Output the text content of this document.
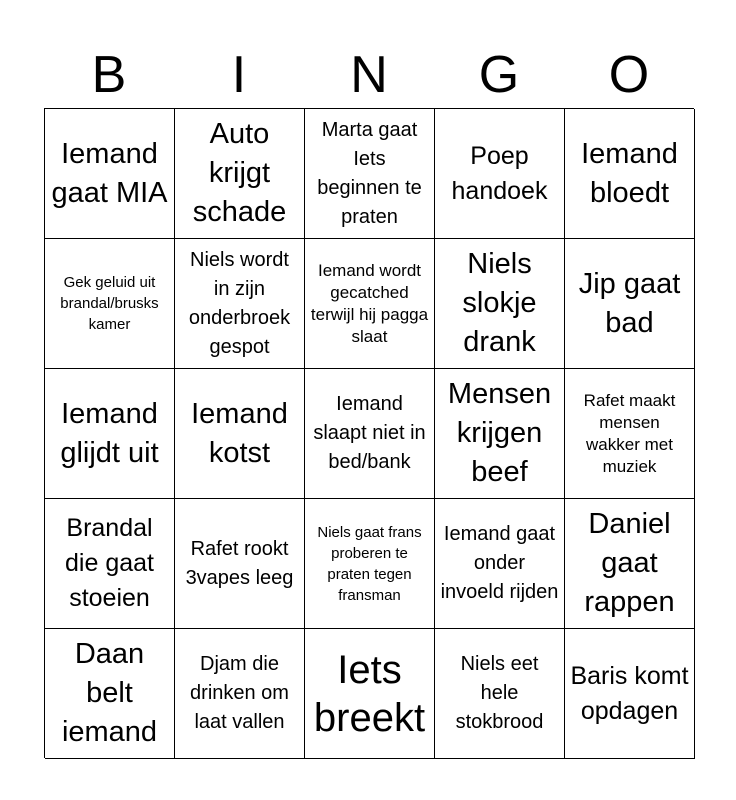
B	I	N	G	O
Iemand gaat MIA
Auto krijgt schade
Marta gaat Iets beginnen te praten
Poep handoek
Iemand bloedt
Gek geluid uit brandal/brusks kamer
Niels wordt in zijn onderbroek gespot
Iemand wordt gecatched terwijl hij pagga slaat
Niels slokje drank
Jip gaat bad
Iemand glijdt uit
Iemand kotst
Iemand slaapt niet in bed/bank
Mensen krijgen beef
Rafet maakt mensen wakker met muziek
Brandal die gaat stoeien
Rafet rookt 3vapes leeg
Niels gaat frans proberen te praten tegen fransman
Iemand gaat onder invoeld rijden
Daniel gaat rappen
Daan belt iemand
Djam die drinken om laat vallen
Iets breekt
Niels eet hele stokbrood
Baris komt opdagen
